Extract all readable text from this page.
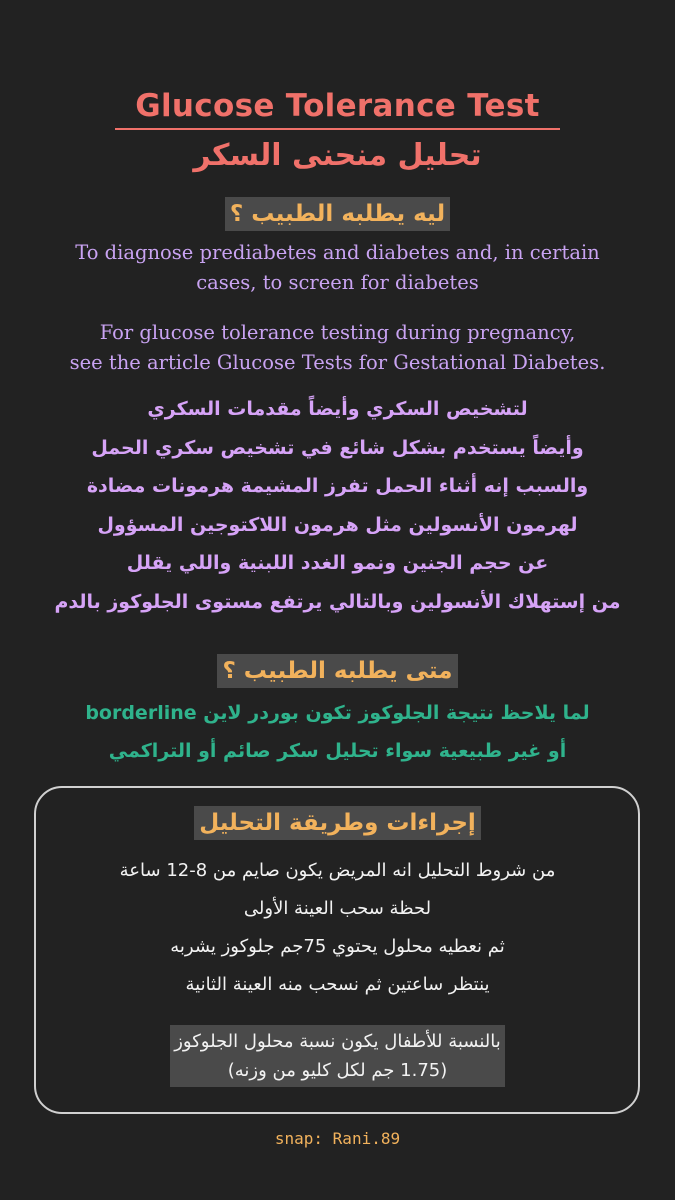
Glucose Tolerance Test
تحليل منحنى السكر
ليه يطلبه الطبيب ؟
To diagnose prediabetes and diabetes and, in certain
cases, to screen for diabetes
For glucose tolerance testing during pregnancy,
see the article Glucose Tests for Gestational Diabetes.
لتشخيص السكري وأيضاً مقدمات السكري
وأيضاً يستخدم بشكل شائع في تشخيص سكري الحمل
والسبب إنه أثناء الحمل تفرز المشيمة هرمونات مضادة
لهرمون الأنسولين مثل هرمون اللاكتوجين المسؤول
عن حجم الجنين ونمو الغدد اللبنية واللي يقلل
من إستهلاك الأنسولين وبالتالي يرتفع مستوى الجلوكوز بالدم
متى يطلبه الطبيب ؟
لما يلاحظ نتيجة الجلوكوز تكون بوردر لاين borderline
أو غير طبيعية سواء تحليل سكر صائم أو التراكمي
إجراءات وطريقة التحليل
من شروط التحليل انه المريض يكون صايم من 8-12 ساعة
لحظة سحب العينة الأولى
ثم نعطيه محلول يحتوي 75جم جلوكوز يشربه
ينتظر ساعتين ثم نسحب منه العينة الثانية
بالنسبة للأطفال يكون نسبة محلول الجلوكوز
(1.75 جم لكل كليو من وزنه)
snap: Rani.89
